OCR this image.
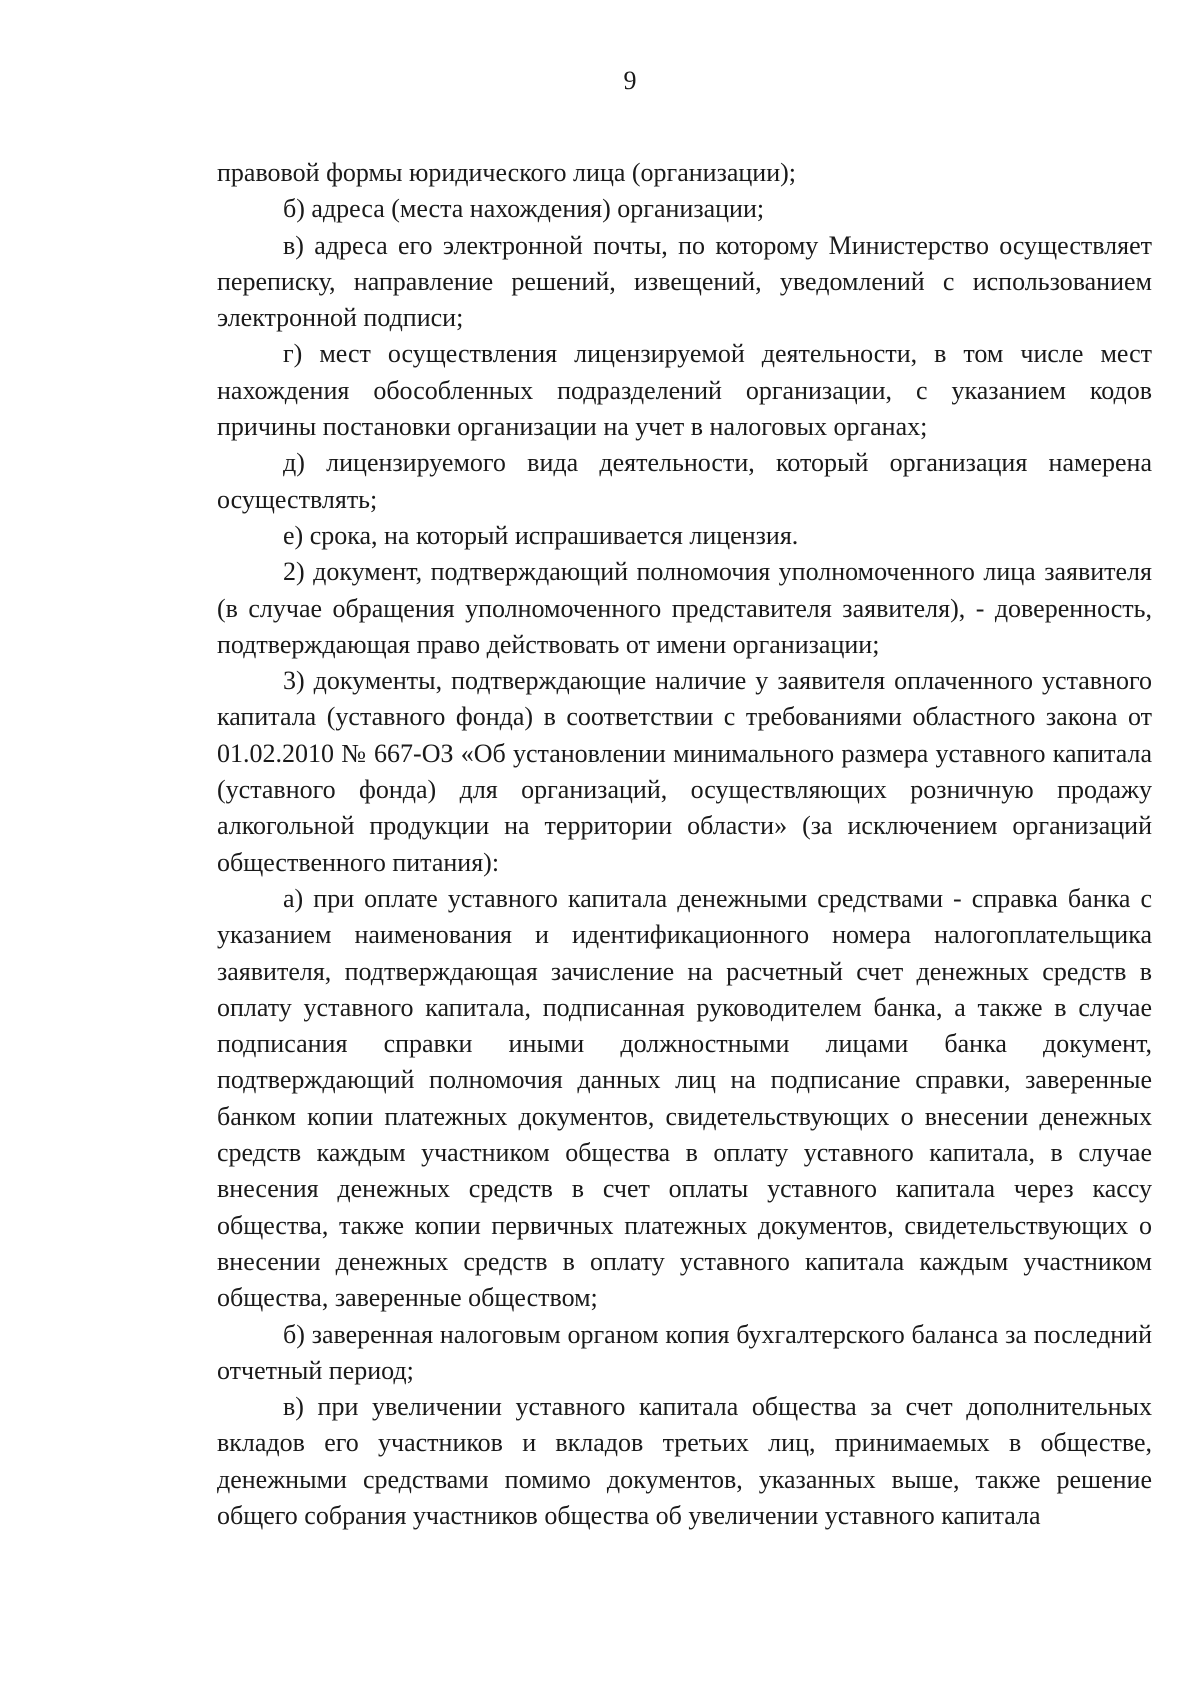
9

правовой формы юридического лица (организации);

б) адреса (места нахождения) организации;

в) адреса его электронной почты, по которому Министерство осуществляет переписку, направление решений, извещений, уведомлений с использованием электронной подписи;

г) мест осуществления лицензируемой деятельности, в том числе мест нахождения обособленных подразделений организации, с указанием кодов причины постановки организации на учет в налоговых органах;

д) лицензируемого вида деятельности, который организация намерена осуществлять;

е) срока, на который испрашивается лицензия.

2) документ, подтверждающий полномочия уполномоченного лица заявителя (в случае обращения уполномоченного представителя заявителя), - доверенность, подтверждающая право действовать от имени организации;

3) документы, подтверждающие наличие у заявителя оплаченного уставного капитала (уставного фонда) в соответствии с требованиями областного закона от 01.02.2010 № 667-ОЗ «Об установлении минимального размера уставного капитала (уставного фонда) для организаций, осуществляющих розничную продажу алкогольной продукции на территории области» (за исключением организаций общественного питания):

а) при оплате уставного капитала денежными средствами - справка банка с указанием наименования и идентификационного номера налогоплательщика заявителя, подтверждающая зачисление на расчетный счет денежных средств в оплату уставного капитала, подписанная руководителем банка, а также в случае подписания справки иными должностными лицами банка документ, подтверждающий полномочия данных лиц на подписание справки, заверенные банком копии платежных документов, свидетельствующих о внесении денежных средств каждым участником общества в оплату уставного капитала, в случае внесения денежных средств в счет оплаты уставного капитала через кассу общества, также копии первичных платежных документов, свидетельствующих о внесении денежных средств в оплату уставного капитала каждым участником общества, заверенные обществом;

б) заверенная налоговым органом копия бухгалтерского баланса за последний отчетный период;

в) при увеличении уставного капитала общества за счет дополнительных вкладов его участников и вкладов третьих лиц, принимаемых в обществе, денежными средствами помимо документов, указанных выше, также решение общего собрания участников общества об увеличении уставного капитала
